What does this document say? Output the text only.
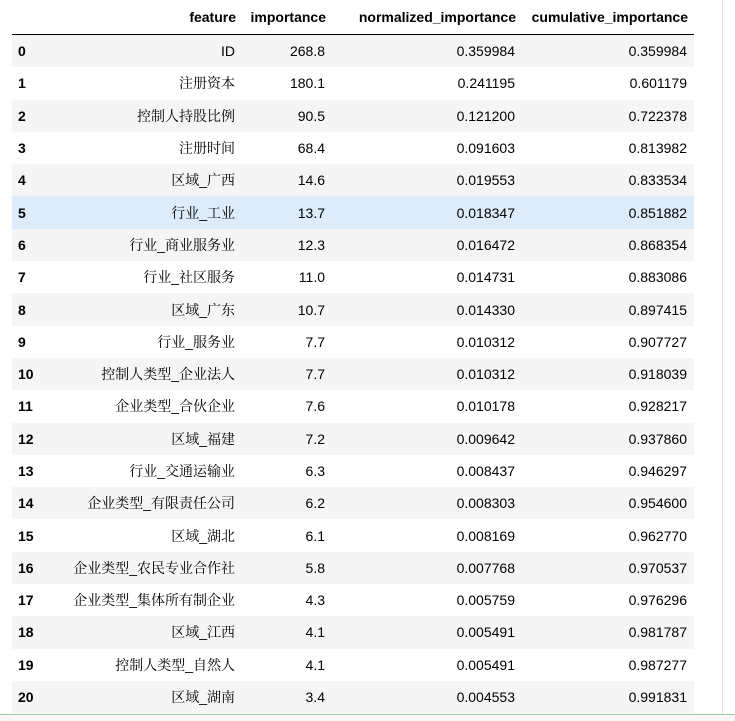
	feature	importance	normalized_importance	cumulative_importance
0	ID	268.8	0.359984	0.359984
1	注册资本	180.1	0.241195	0.601179
2	控制人持股比例	90.5	0.121200	0.722378
3	注册时间	68.4	0.091603	0.813982
4	区域_广西	14.6	0.019553	0.833534
5	行业_工业	13.7	0.018347	0.851882
6	行业_商业服务业	12.3	0.016472	0.868354
7	行业_社区服务	11.0	0.014731	0.883086
8	区域_广东	10.7	0.014330	0.897415
9	行业_服务业	7.7	0.010312	0.907727
10	控制人类型_企业法人	7.7	0.010312	0.918039
11	企业类型_合伙企业	7.6	0.010178	0.928217
12	区域_福建	7.2	0.009642	0.937860
13	行业_交通运输业	6.3	0.008437	0.946297
14	企业类型_有限责任公司	6.2	0.008303	0.954600
15	区域_湖北	6.1	0.008169	0.962770
16	企业类型_农民专业合作社	5.8	0.007768	0.970537
17	企业类型_集体所有制企业	4.3	0.005759	0.976296
18	区域_江西	4.1	0.005491	0.981787
19	控制人类型_自然人	4.1	0.005491	0.987277
20	区域_湖南	3.4	0.004553	0.991831
